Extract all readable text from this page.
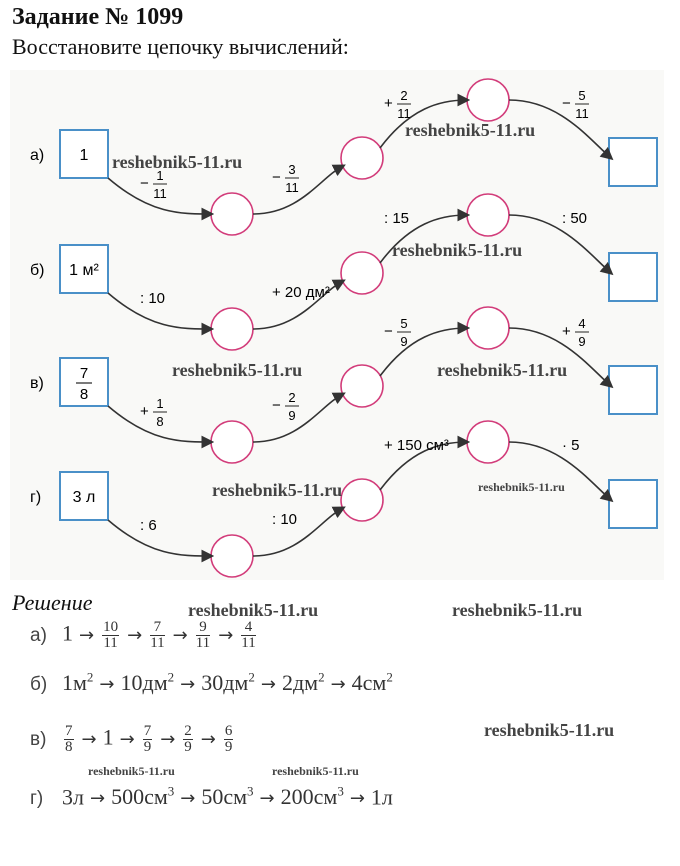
Задание № 1099
Восстановите цепочку вычислений:
1
а)
− 1
11
− 3
11
+ 2
11
− 5
11
1 м²
б)
: 10	+ 20 дм²
: 15	: 50
7
8
в)
+ 1
8
− 2
9
− 5
9
+ 4
9
3 л
г)
: 6	: 10
+ 150 см³	· 5
Решение
а) $1 \to \frac{10}{11} \to \frac{7}{11} \to \frac{9}{11} \to \frac{4}{11}$
б) $1м^2 \to 10дм^2 \to 30дм^2 \to 2дм^2 \to 4см^2$
$в) \frac{7}{8} \to 1 \to \frac{7}{9} \to \frac{2}{9} \to \frac{6}{9}$
г) $3л \to 500см^3 \to 50см^3 \to 200см^3 \to 1л$
reshebnik5-11.ru
reshebnik5-11.ru
reshebnik5-11.ru
reshebnik5-11.ru	reshebnik5-11.ru
reshebnik5-11.ru	reshebnik5-11.ru
reshebnik5-11.ru	reshebnik5-11.ru
reshebnik5-11.ru
reshebnik5-11.ru	reshebnik5-11.ru
